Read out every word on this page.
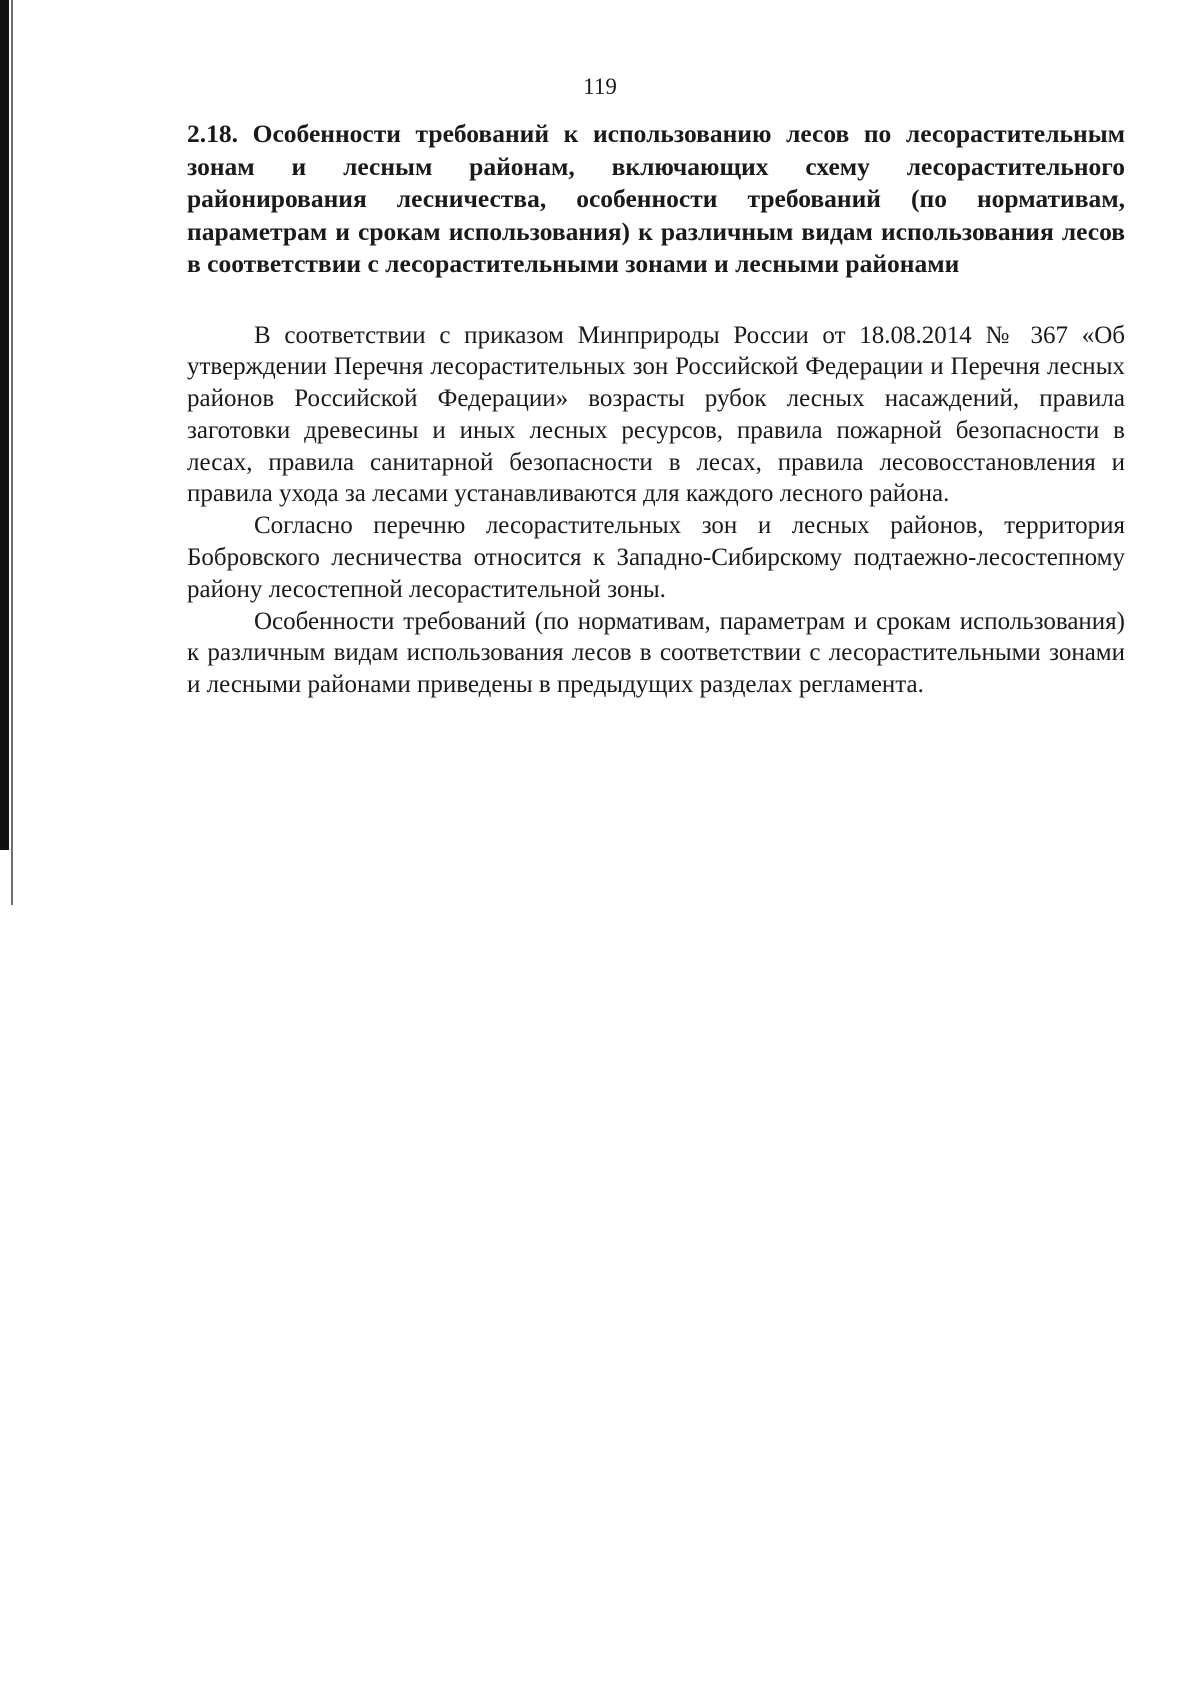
119

2.18. Особенности требований к использованию лесов по лесорастительным зонам и лесным районам, включающих схему лесорастительного районирования лесничества, особенности требований (по нормативам, параметрам и срокам использования) к различным видам использования лесов в соответствии с лесорастительными зонами и лесными районами

В соответствии с приказом Минприроды России от 18.08.2014 № 367 «Об утверждении Перечня лесорастительных зон Российской Федерации и Перечня лесных районов Российской Федерации» возрасты рубок лесных насаждений, правила заготовки древесины и иных лесных ресурсов, правила пожарной безопасности в лесах, правила санитарной безопасности в лесах, правила лесовосстановления и правила ухода за лесами устанавливаются для каждого лесного района.

Согласно перечню лесорастительных зон и лесных районов, территория Бобровского лесничества относится к Западно-Сибирскому подтаежно-лесостепному району лесостепной лесорастительной зоны.

Особенности требований (по нормативам, параметрам и срокам использования) к различным видам использования лесов в соответствии с лесорастительными зонами и лесными районами приведены в предыдущих разделах регламента.
